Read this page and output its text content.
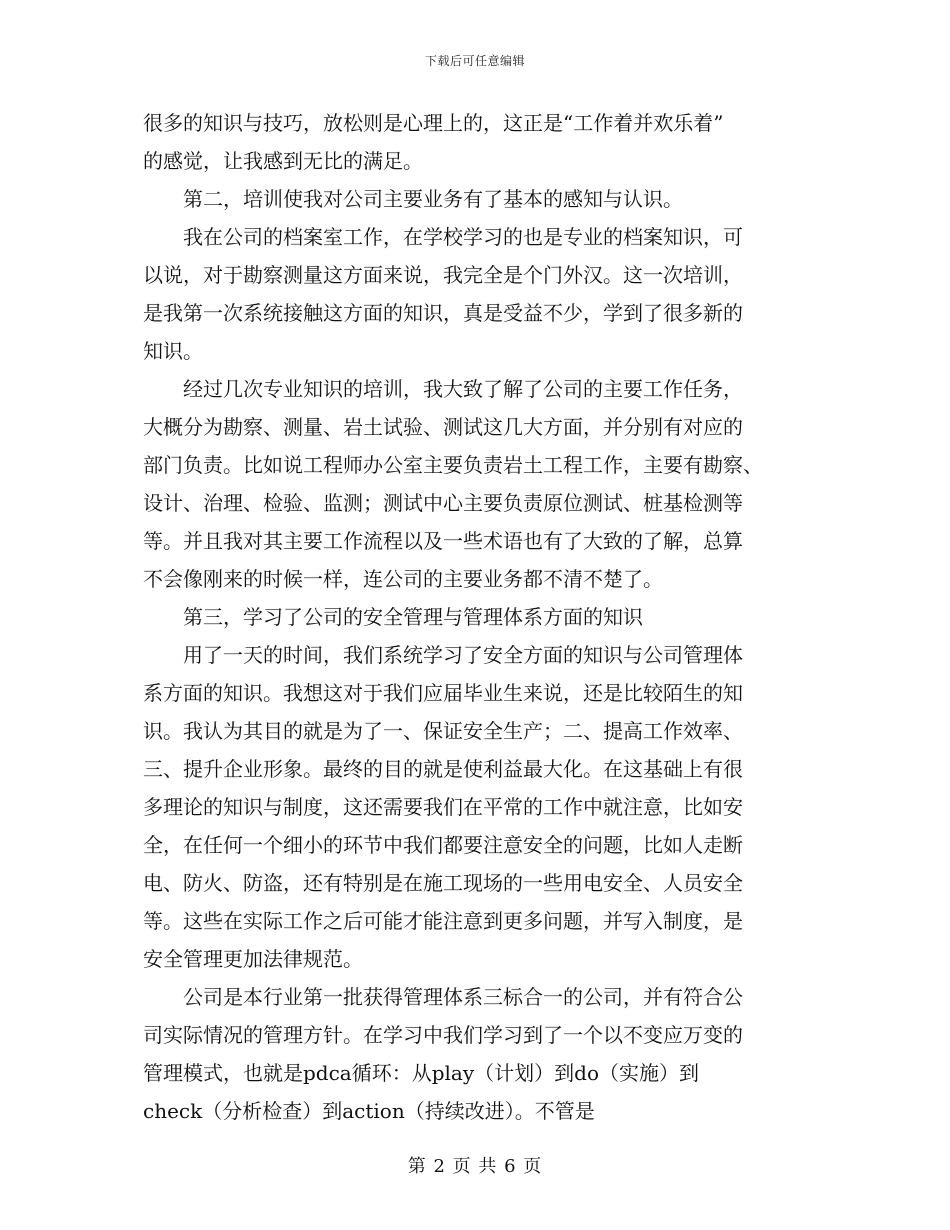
下载后可任意编辑
很多的知识与技巧，放松则是心理上的，这正是“工作着并欢乐着”
的感觉，让我感到无比的满足。
第二，培训使我对公司主要业务有了基本的感知与认识。
我在公司的档案室工作，在学校学习的也是专业的档案知识，可
以说，对于勘察测量这方面来说，我完全是个门外汉。这一次培训，
是我第一次系统接触这方面的知识，真是受益不少，学到了很多新的
知识。
经过几次专业知识的培训，我大致了解了公司的主要工作任务，
大概分为勘察、测量、岩土试验、测试这几大方面，并分别有对应的
部门负责。比如说工程师办公室主要负责岩土工程工作，主要有勘察、
设计、治理、检验、监测；测试中心主要负责原位测试、桩基检测等
等。并且我对其主要工作流程以及一些术语也有了大致的了解，总算
不会像刚来的时候一样，连公司的主要业务都不清不楚了。
第三，学习了公司的安全管理与管理体系方面的知识
用了一天的时间，我们系统学习了安全方面的知识与公司管理体
系方面的知识。我想这对于我们应届毕业生来说，还是比较陌生的知
识。我认为其目的就是为了一、保证安全生产；二、提高工作效率、
三、提升企业形象。最终的目的就是使利益最大化。在这基础上有很
多理论的知识与制度，这还需要我们在平常的工作中就注意，比如安
全，在任何一个细小的环节中我们都要注意安全的问题，比如人走断
电、防火、防盗，还有特别是在施工现场的一些用电安全、人员安全
等。这些在实际工作之后可能才能注意到更多问题，并写入制度，是
安全管理更加法律规范。
公司是本行业第一批获得管理体系三标合一的公司，并有符合公
司实际情况的管理方针。在学习中我们学习到了一个以不变应万变的
管理模式，也就是pdca循环：从play（计划）到do（实施）到
check（分析检查）到action（持续改进）。不管是
第 2 页 共 6 页
